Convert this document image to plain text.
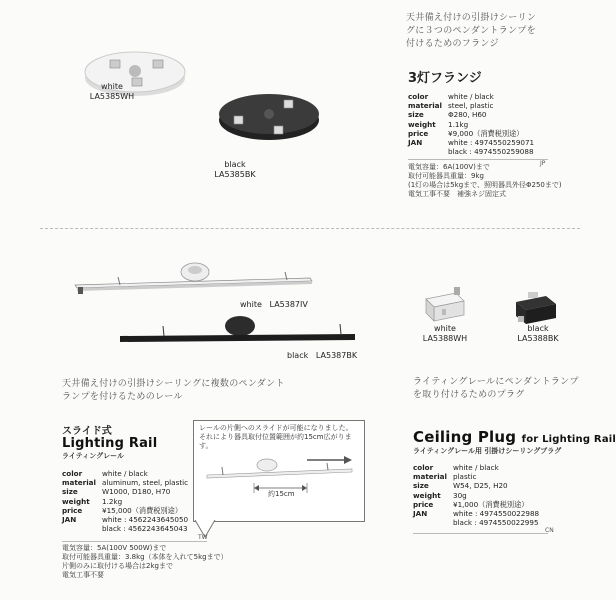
white
LA5385WH
black
LA5385BK
天井備え付けの引掛けシーリン
グに３つのペンダントランプを
付けるためのフランジ
3灯フランジ
color	white / black
material steel, plastic
size	Φ280, H60
weight	1.1kg
price	¥9,000（消費税別途）
JAN	white : 4974550259071
black : 4974550259088
JP
電気容量：6A(100V)まで
取付可能器具重量：9kg
(1灯の場合は5kgまで、照明器具外径Φ250まで)
電気工事不要　補強ネジ固定式
white LA5387IV
black LA5387BK
天井備え付けの引掛けシーリングに複数のペンダント
ランプを付けるためのレール
スライド式
Lighting Rail
ライティングレール
color	white / black
material aluminum, steel, plastic
size	W1000, D180, H70
weight	1.2kg
price	¥15,000（消費税別途）
JAN	white : 4562243645050
black : 4562243645043
レールの片側へのスライドが可能になりました。
それにより器具取付位置範囲が約15cm広がります。
約15cm
TW
電気容量：5A(100V 500W)まで
取付可能器具重量：3.8kg（本体を入れて5kgまで）
片側のみに取付ける場合は2kgまで
電気工事不要
white
LA5388WH
black
LA5388BK
ライティングレールにペンダントランプ
を取り付けるためのプラグ
Ceiling Plug for Lighting Rail
ライティングレール用 引掛けシーリングプラグ
color	white / black
material plastic
size	W54, D25, H20
weight	30g
price	¥1,000（消費税別途）
JAN	white : 4974550022988
black : 4974550022995
CN
